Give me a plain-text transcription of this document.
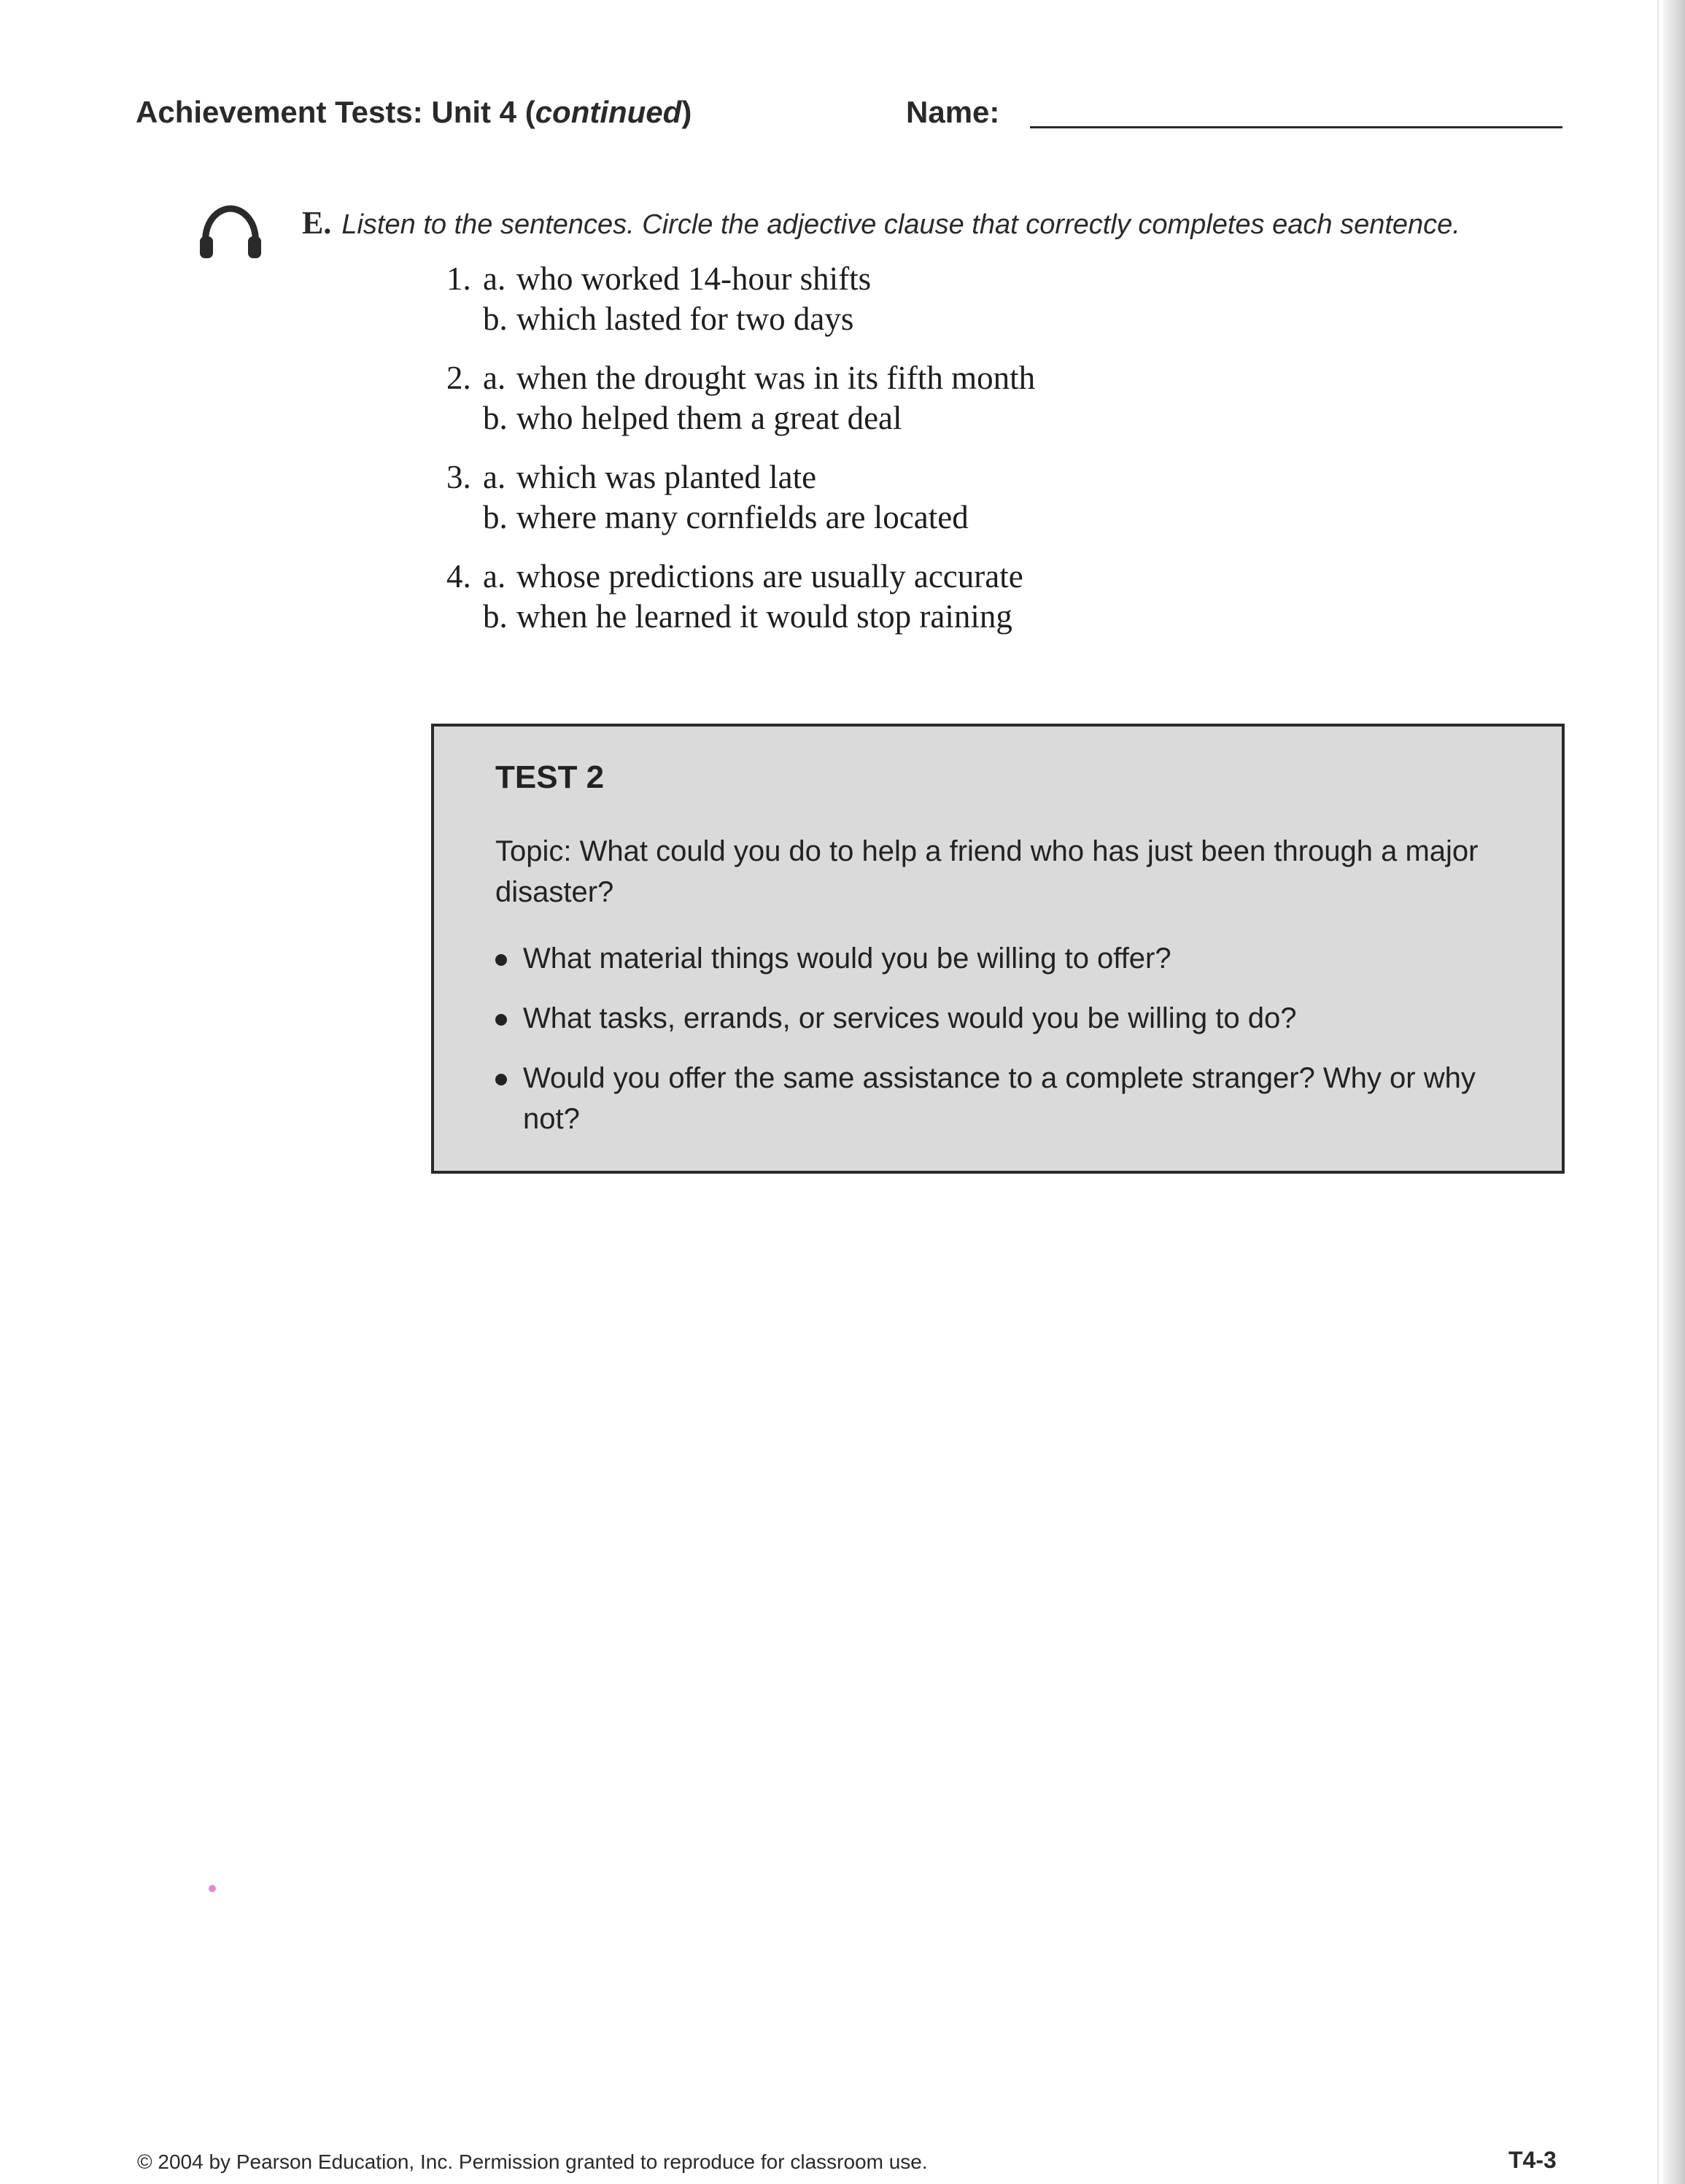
Achievement Tests: Unit 4 (continued)	Name:
E. Listen to the sentences. Circle the adjective clause that correctly completes each sentence.
1. a. who worked 14-hour shifts
b. which lasted for two days
2. a. when the drought was in its fifth month
b. who helped them a great deal
3. a. which was planted late
b. where many cornfields are located
4. a. whose predictions are usually accurate
b. when he learned it would stop raining
TEST 2
Topic: What could you do to help a friend who has just been through a major disaster?
What material things would you be willing to offer?
What tasks, errands, or services would you be willing to do?
Would you offer the same assistance to a complete stranger? Why or why not?
© 2004 by Pearson Education, Inc. Permission granted to reproduce for classroom use.	T4-3
